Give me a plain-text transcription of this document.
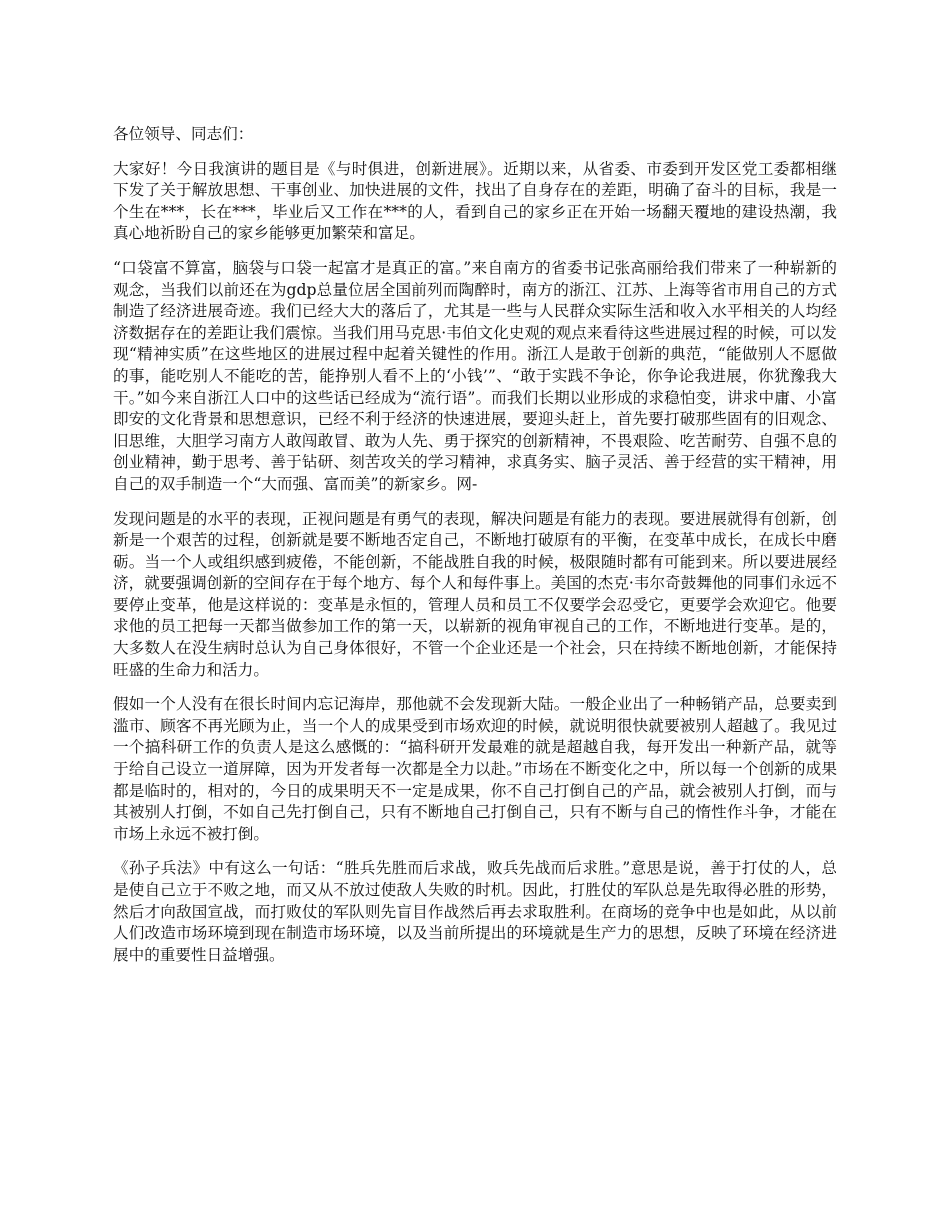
各位领导、同志们：

大家好！今日我演讲的题目是《与时俱进，创新进展》。近期以来，从省委、市委到开发区党工委都相继下发了关于解放思想、干事创业、加快进展的文件，找出了自身存在的差距，明确了奋斗的目标，我是一个生在***，长在***，毕业后又工作在***的人，看到自己的家乡正在开始一场翻天覆地的建设热潮，我真心地祈盼自己的家乡能够更加繁荣和富足。

“口袋富不算富，脑袋与口袋一起富才是真正的富。”来自南方的省委书记张高丽给我们带来了一种崭新的观念，当我们以前还在为gdp总量位居全国前列而陶醉时，南方的浙江、江苏、上海等省市用自己的方式制造了经济进展奇迹。我们已经大大的落后了，尤其是一些与人民群众实际生活和收入水平相关的人均经济数据存在的差距让我们震惊。当我们用马克思·韦伯文化史观的观点来看待这些进展过程的时候，可以发现“精神实质”在这些地区的进展过程中起着关键性的作用。浙江人是敢于创新的典范，“能做别人不愿做的事，能吃别人不能吃的苦，能挣别人看不上的‘小钱’”、“敢于实践不争论，你争论我进展，你犹豫我大干。”如今来自浙江人口中的这些话已经成为“流行语”。而我们长期以业形成的求稳怕变，讲求中庸、小富即安的文化背景和思想意识，已经不利于经济的快速进展，要迎头赶上，首先要打破那些固有的旧观念、旧思维，大胆学习南方人敢闯敢冒、敢为人先、勇于探究的创新精神，不畏艰险、吃苦耐劳、自强不息的创业精神，勤于思考、善于钻研、刻苦攻关的学习精神，求真务实、脑子灵活、善于经营的实干精神，用自己的双手制造一个“大而强、富而美”的新家乡。网-

发现问题是的水平的表现，正视问题是有勇气的表现，解决问题是有能力的表现。要进展就得有创新，创新是一个艰苦的过程，创新就是要不断地否定自己，不断地打破原有的平衡，在变革中成长，在成长中磨砺。当一个人或组织感到疲倦，不能创新，不能战胜自我的时候，极限随时都有可能到来。所以要进展经济，就要强调创新的空间存在于每个地方、每个人和每件事上。美国的杰克·韦尔奇鼓舞他的同事们永远不要停止变革，他是这样说的：变革是永恒的，管理人员和员工不仅要学会忍受它，更要学会欢迎它。他要求他的员工把每一天都当做参加工作的第一天，以崭新的视角审视自己的工作，不断地进行变革。是的，大多数人在没生病时总认为自己身体很好，不管一个企业还是一个社会，只在持续不断地创新，才能保持旺盛的生命力和活力。

假如一个人没有在很长时间内忘记海岸，那他就不会发现新大陆。一般企业出了一种畅销产品，总要卖到滥市、顾客不再光顾为止，当一个人的成果受到市场欢迎的时候，就说明很快就要被别人超越了。我见过一个搞科研工作的负责人是这么感慨的：“搞科研开发最难的就是超越自我，每开发出一种新产品，就等于给自己设立一道屏障，因为开发者每一次都是全力以赴。”市场在不断变化之中，所以每一个创新的成果都是临时的，相对的，今日的成果明天不一定是成果，你不自己打倒自己的产品，就会被别人打倒，而与其被别人打倒，不如自己先打倒自己，只有不断地自己打倒自己，只有不断与自己的惰性作斗争，才能在市场上永远不被打倒。

《孙子兵法》中有这么一句话：“胜兵先胜而后求战，败兵先战而后求胜。”意思是说，善于打仗的人，总是使自己立于不败之地，而又从不放过使敌人失败的时机。因此，打胜仗的军队总是先取得必胜的形势，然后才向敌国宣战，而打败仗的军队则先盲目作战然后再去求取胜利。在商场的竞争中也是如此，从以前人们改造市场环境到现在制造市场环境，以及当前所提出的环境就是生产力的思想，反映了环境在经济进展中的重要性日益增强。
